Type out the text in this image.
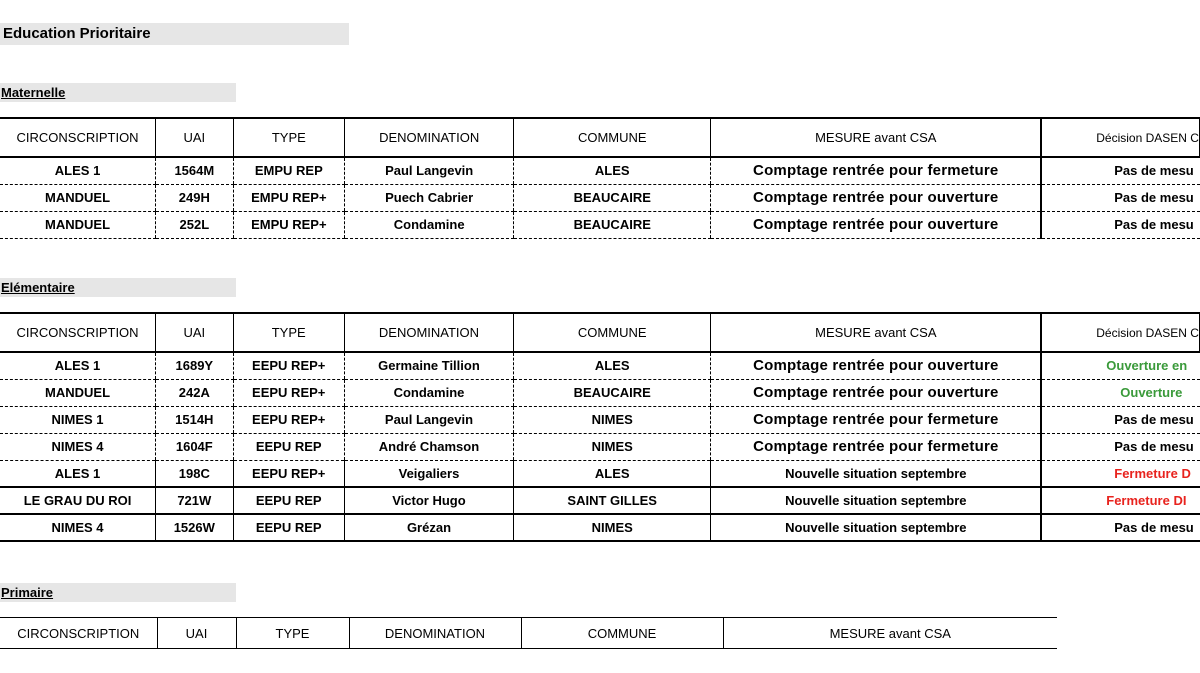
Education Prioritaire
Maternelle
CIRCONSCRIPTION	UAI	TYPE	DENOMINATION	COMMUNE	MESURE avant CSA	Décision DASEN C

ALES 1	1564M	EMPU REP	Paul Langevin	ALES	Comptage rentrée pour fermeture	Pas de mesu

MANDUEL	249H	EMPU REP+	Puech Cabrier	BEAUCAIRE	Comptage rentrée pour ouverture	Pas de mesu

MANDUEL	252L	EMPU REP+	Condamine	BEAUCAIRE	Comptage rentrée pour ouverture	Pas de mesu
Elémentaire
CIRCONSCRIPTION	UAI	TYPE	DENOMINATION	COMMUNE	MESURE avant CSA	Décision DASEN C

ALES 1	1689Y	EEPU REP+	Germaine Tillion	ALES	Comptage rentrée pour ouverture	Ouverture en

MANDUEL	242A	EEPU REP+	Condamine	BEAUCAIRE	Comptage rentrée pour ouverture	Ouverture

NIMES 1	1514H	EEPU REP+	Paul Langevin	NIMES	Comptage rentrée pour fermeture	Pas de mesu

NIMES 4	1604F	EEPU REP	André Chamson	NIMES	Comptage rentrée pour fermeture	Pas de mesu

ALES 1	198C	EEPU REP+	Veigaliers	ALES	Nouvelle situation septembre	Fermeture D

LE GRAU DU ROI	721W	EEPU REP	Victor Hugo	SAINT GILLES	Nouvelle situation septembre	Fermeture DI

NIMES 4	1526W	EEPU REP	Grézan	NIMES	Nouvelle situation septembre	Pas de mesu
Primaire
CIRCONSCRIPTION	UAI	TYPE	DENOMINATION	COMMUNE	MESURE avant CSA
